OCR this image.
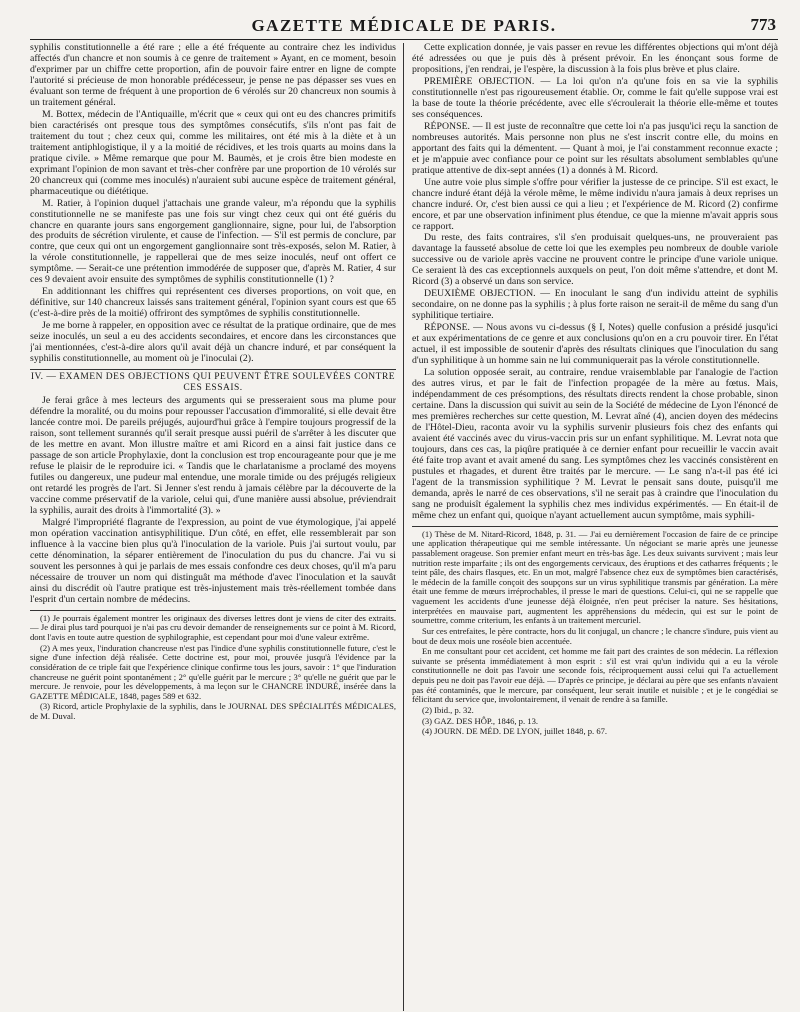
GAZETTE MÉDICALE DE PARIS.	773

syphilis constitutionnelle a été rare ; elle a été fréquente au contraire chez les individus affectés d'un chancre et non soumis à ce genre de traitement » Ayant, en ce moment, besoin d'exprimer par un chiffre cette proportion, afin de pouvoir faire entrer en ligne de compte l'autorité si précieuse de mon honorable prédécesseur, je pense ne pas dépasser ses vues en évaluant son terme de fréquent à une proportion de 6 vérolés sur 20 chancreux non soumis à un traitement général.

M. Bottex, médecin de l'Antiquaille, m'écrit que « ceux qui ont eu des chancres primitifs bien caractérisés ont presque tous des symptômes consécutifs, s'ils n'ont pas fait de traitement du tout ; chez ceux qui, comme les militaires, ont été mis à la diète et à un traitement antiphlogistique, il y a la moitié de récidives, et les trois quarts au moins dans la pratique civile. » Même remarque que pour M. Baumès, et je crois être bien modeste en exprimant l'opinion de mon savant et très-cher confrère par une proportion de 10 vérolés sur 20 chancreux qui (comme mes inoculés) n'auraient subi aucune espèce de traitement général, pharmaceutique ou diététique.

M. Ratier, à l'opinion duquel j'attachais une grande valeur, m'a répondu que la syphilis constitutionnelle ne se manifeste pas une fois sur vingt chez ceux qui ont été guéris du chancre en quarante jours sans engorgement ganglionnaire, signe, pour lui, de l'absorption des produits de sécrétion virulente, et cause de l'infection. — S'il est permis de conclure, par contre, que ceux qui ont un engorgement ganglionnaire sont très-exposés, selon M. Ratier, à la vérole constitutionnelle, je rappellerai que de mes seize inoculés, neuf ont offert ce symptôme. — Serait-ce une prétention immodérée de supposer que, d'après M. Ratier, 4 sur ces 9 devaient avoir ensuite des symptômes de syphilis constitutionnelle (1) ?

En additionnant les chiffres qui représentent ces diverses proportions, on voit que, en définitive, sur 140 chancreux laissés sans traitement général, l'opinion syant cours est que 65 (c'est-à-dire près de la moitié) offriront des symptômes de syphilis constitutionnelle.

Je me borne à rappeler, en opposition avec ce résultat de la pratique ordinaire, que de mes seize inoculés, un seul a eu des accidents secondaires, et encore dans les circonstances que j'ai mentionnées, c'est-à-dire alors qu'il avait déjà un chancre induré, et par conséquent la syphilis constitutionnelle, au moment où je l'inoculai (2).

IV. — EXAMEN DES OBJECTIONS QUI PEUVENT ÊTRE SOULEVÉES CONTRE CES ESSAIS.

Je ferai grâce à mes lecteurs des arguments qui se presseraient sous ma plume pour défendre la moralité, ou du moins pour repousser l'accusation d'immoralité, si elle devait être lancée contre moi. De pareils préjugés, aujourd'hui grâce à l'empire toujours progressif de la raison, sont tellement surannés qu'il serait presque aussi puéril de s'arrêter à les discuter que de les mettre en avant. Mon illustre maître et ami Ricord en a ainsi fait justice dans ce passage de son article Prophylaxie, dont la conclusion est trop encourageante pour que je me refuse le plaisir de le reproduire ici. « Tandis que le charlatanisme a proclamé des moyens futiles ou dangereux, une pudeur mal entendue, une morale timide ou des préjugés religieux ont retardé les progrès de l'art. Si Jenner s'est rendu à jamais célèbre par la découverte de la vaccine comme préservatif de la variole, celui qui, d'une manière aussi absolue, préviendrait la syphilis, aurait des droits à l'immortalité (3). »

Malgré l'impropriété flagrante de l'expression, au point de vue étymologique, j'ai appelé mon opération vaccination antisyphilitique. D'un côté, en effet, elle ressemblerait par son influence à la vaccine bien plus qu'à l'inoculation de la variole. Puis j'ai surtout voulu, par cette dénomination, la séparer entièrement de l'inoculation du pus du chancre. J'ai vu si souvent les personnes à qui je parlais de mes essais confondre ces deux choses, qu'il m'a paru nécessaire de trouver un nom qui distinguât ma méthode d'avec l'inoculation et la sauvât ainsi du discrédit où l'autre pratique est très-injustement mais très-réellement tombée dans l'esprit d'un certain nombre de médecins.

(1) Je pourrais également montrer les originaux des diverses lettres dont je viens de citer des extraits. — Je dirai plus tard pourquoi je n'ai pas cru devoir demander de renseignements sur ce point à M. Ricord, dont l'avis en toute autre question de syphilographie, est cependant pour moi d'une valeur extrême.

(2) A mes yeux, l'induration chancreuse n'est pas l'indice d'une syphilis constitutionnelle future, c'est le signe d'une infection déjà réalisée. Cette doctrine est, pour moi, prouvée jusqu'à l'évidence par la considération de ce triple fait que l'expérience clinique confirme tous les jours, savoir : 1° que l'induration chancreuse ne guérit point spontanément ; 2° qu'elle guérit par le mercure ; 3° qu'elle ne guérit que par le mercure. Je renvoie, pour les développements, à ma leçon sur le CHANCRE INDURÉ, insérée dans la GAZETTE MÉDICALE, 1848, pages 589 et 632.

(3) Ricord, article Prophylaxie de la syphilis, dans le JOURNAL DES SPÉCIALITÉS MÉDICALES, de M. Duval.

Cette explication donnée, je vais passer en revue les différentes objections qui m'ont déjà été adressées ou que je puis dès à présent prévoir. En les énonçant sous forme de propositions, j'en rendrai, je l'espère, la discussion à la fois plus brève et plus claire.

PREMIÈRE OBJECTION. — La loi qu'on n'a qu'une fois en sa vie la syphilis constitutionnelle n'est pas rigoureusement établie. Or, comme le fait qu'elle suppose vrai est la base de toute la théorie précédente, avec elle s'écroulerait la théorie elle-même et toutes ses conséquences.

RÉPONSE. — Il est juste de reconnaître que cette loi n'a pas jusqu'ici reçu la sanction de nombreuses autorités. Mais personne non plus ne s'est inscrit contre elle, du moins en apportant des faits qui la démentent. — Quant à moi, je l'ai constamment reconnue exacte ; et je m'appuie avec confiance pour ce point sur les résultats absolument semblables qu'une pratique attentive de dix-sept années (1) a donnés à M. Ricord.

Une autre voie plus simple s'offre pour vérifier la justesse de ce principe. S'il est exact, le chancre induré étant déjà la vérole même, le même individu n'aura jamais à deux reprises un chancre induré. Or, c'est bien aussi ce qui a lieu ; et l'expérience de M. Ricord (2) confirme encore, et par une observation infiniment plus étendue, ce que la mienne m'avait appris sous ce rapport.

Du reste, des faits contraires, s'il s'en produisait quelques-uns, ne prouveraient pas davantage la fausseté absolue de cette loi que les exemples peu nombreux de double variole successive ou de variole après vaccine ne prouvent contre le principe d'une variole unique. Ce seraient là des cas exceptionnels auxquels on peut, l'on doit même s'attendre, et dont M. Ricord (3) a observé un dans son service.

DEUXIÈME OBJECTION. — En inoculant le sang d'un individu atteint de syphilis secondaire, on ne donne pas la syphilis ; à plus forte raison ne serait-il de même du sang d'un syphilitique tertiaire.

RÉPONSE. — Nous avons vu ci-dessus (§ I, Notes) quelle confusion a présidé jusqu'ici et aux expérimentations de ce genre et aux conclusions qu'on en a cru pouvoir tirer. En l'état actuel, il est impossible de soutenir d'après des résultats cliniques que l'inoculation du sang d'un syphilitique à un homme sain ne lui communiquerait pas la vérole constitutionnelle.

La solution opposée serait, au contraire, rendue vraisemblable par l'analogie de l'action des autres virus, et par le fait de l'infection propagée de la mère au fœtus. Mais, indépendamment de ces présomptions, des résultats directs rendent la chose probable, sinon certaine. Dans la discussion qui suivit au sein de la Société de médecine de Lyon l'énoncé de mes premières recherches sur cette question, M. Levrat aîné (4), ancien doyen des médecins de l'Hôtel-Dieu, raconta avoir vu la syphilis survenir plusieurs fois chez des enfants qui avaient été vaccinés avec du virus-vaccin pris sur un enfant syphilitique. M. Levrat nota que toujours, dans ces cas, la piqûre pratiquée à ce dernier enfant pour recueillir le vaccin avait été faite trop avant et avait amené du sang. Les symptômes chez les vaccinés consistèrent en pustules et rhagades, et durent être traités par le mercure. — Le sang n'a-t-il pas été ici l'agent de la transmission syphilitique ? M. Levrat le pensait sans doute, puisqu'il me demanda, après le narré de ces observations, s'il ne serait pas à craindre que l'inoculation du sang ne produisît également la syphilis chez mes individus expérimentés. — En était-il de même chez un enfant qui, quoique n'ayant actuellement aucun symptôme, mais syphili-

(1) Thèse de M. Nitard-Ricord, 1848, p. 31. — J'ai eu dernièrement l'occasion de faire de ce principe une application thérapeutique qui me semble intéressante. Un négociant se marie après une jeunesse passablement orageuse. Son premier enfant meurt en très-bas âge. Les deux suivants survivent ; mais leur nutrition reste imparfaite ; ils ont des engorgements cervicaux, des éruptions et des catharres fréquents ; le teint pâle, des chairs flasques, etc. En un mot, malgré l'absence chez eux de symptômes bien caractérisés, le médecin de la famille conçoit des soupçons sur un virus syphilitique transmis par génération. La mère était une femme de mœurs irréprochables, il presse le mari de questions. Celui-ci, qui ne se rappelle que vaguement les accidents d'une jeunesse déjà éloignée, n'en peut préciser la nature. Ses hésitations, interprétées en mauvaise part, augmentent les appréhensions du médecin, qui est sur le point de soumettre, comme criterium, les enfants à un traitement mercuriel.

Sur ces entrefaites, le père contracte, hors du lit conjugal, un chancre ; le chancre s'indure, puis vient au bout de deux mois une roséole bien accentuée.

En me consultant pour cet accident, cet homme me fait part des craintes de son médecin. La réflexion suivante se présenta immédiatement à mon esprit : s'il est vrai qu'un individu qui a eu la vérole constitutionnelle ne doit pas l'avoir une seconde fois, réciproquement aussi celui qui l'a actuellement depuis peu ne doit pas l'avoir eue déjà. — D'après ce principe, je déclarai au père que ses enfants n'avaient pas été contaminés, que le mercure, par conséquent, leur serait inutile et nuisible ; et je le congédiai se félicitant du service que, involontairement, il venait de rendre à sa famille.

(2) Ibid., p. 32.

(3) GAZ. DES HÔP., 1846, p. 13.

(4) JOURN. DE MÉD. DE LYON, juillet 1848, p. 67.
